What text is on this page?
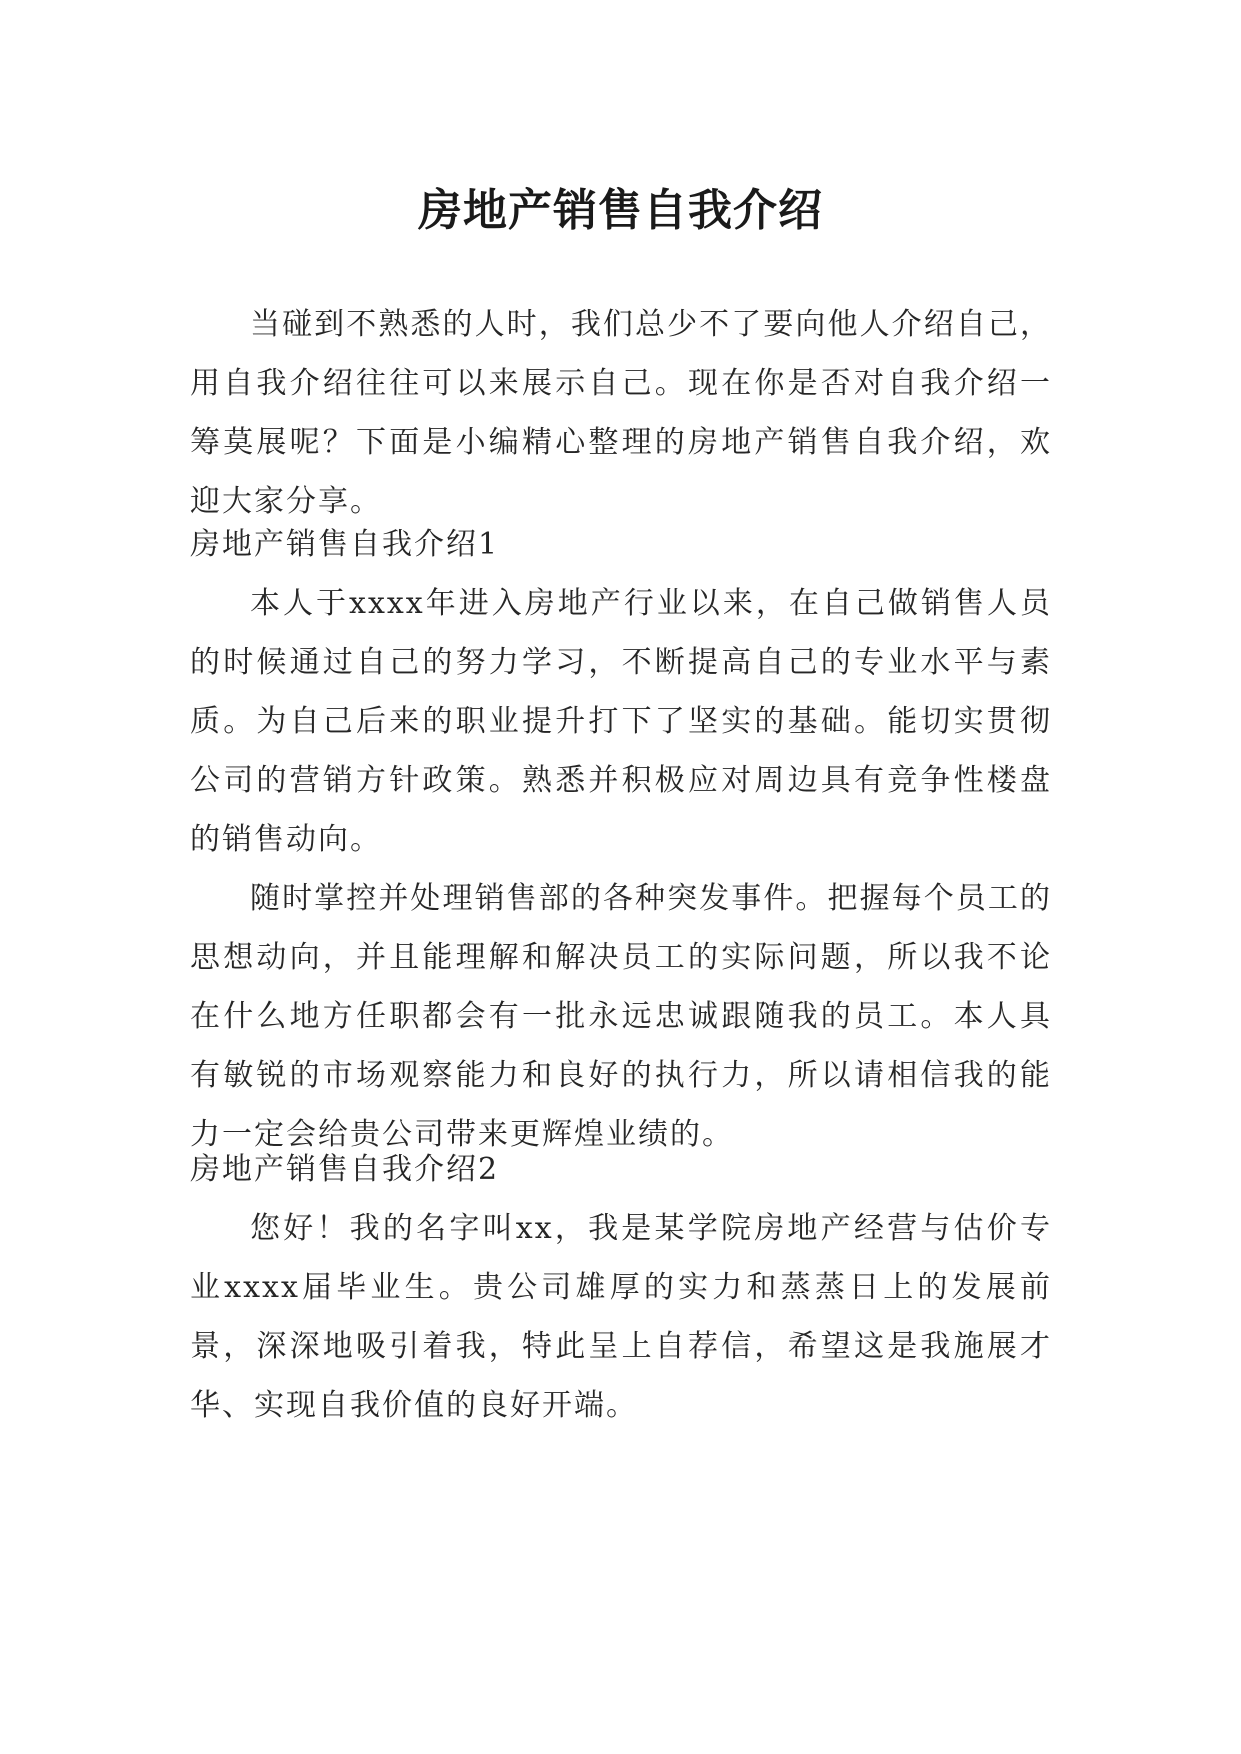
房地产销售自我介绍

当碰到不熟悉的人时，我们总少不了要向他人介绍自己，用自我介绍往往可以来展示自己。现在你是否对自我介绍一筹莫展呢？下面是小编精心整理的房地产销售自我介绍，欢迎大家分享。

房地产销售自我介绍1

本人于xxxx年进入房地产行业以来，在自己做销售人员的时候通过自己的努力学习，不断提高自己的专业水平与素质。为自己后来的职业提升打下了坚实的基础。能切实贯彻公司的营销方针政策。熟悉并积极应对周边具有竞争性楼盘的销售动向。

随时掌控并处理销售部的各种突发事件。把握每个员工的思想动向，并且能理解和解决员工的实际问题，所以我不论在什么地方任职都会有一批永远忠诚跟随我的员工。本人具有敏锐的市场观察能力和良好的执行力，所以请相信我的能力一定会给贵公司带来更辉煌业绩的。

房地产销售自我介绍2

您好！我的名字叫xx，我是某学院房地产经营与估价专业xxxx届毕业生。贵公司雄厚的实力和蒸蒸日上的发展前景，深深地吸引着我，特此呈上自荐信，希望这是我施展才华、实现自我价值的良好开端。
